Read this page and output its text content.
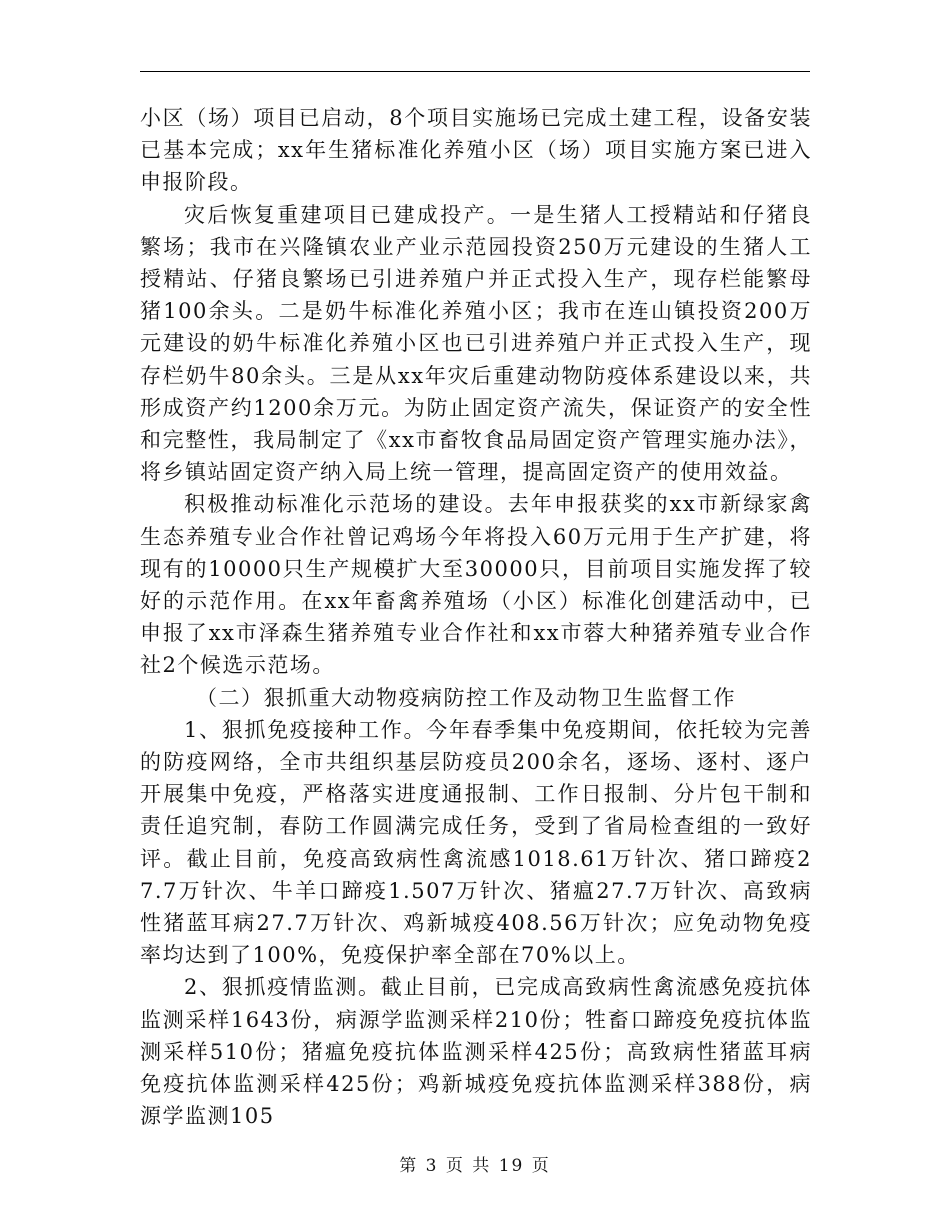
小区（场）项目已启动，8个项目实施场已完成土建工程，设备安装已基本完成；xx年生猪标准化养殖小区（场）项目实施方案已进入申报阶段。

灾后恢复重建项目已建成投产。一是生猪人工授精站和仔猪良繁场；我市在兴隆镇农业产业示范园投资250万元建设的生猪人工授精站、仔猪良繁场已引进养殖户并正式投入生产，现存栏能繁母猪100余头。二是奶牛标准化养殖小区；我市在连山镇投资200万元建设的奶牛标准化养殖小区也已引进养殖户并正式投入生产，现存栏奶牛80余头。三是从xx年灾后重建动物防疫体系建设以来，共形成资产约1200余万元。为防止固定资产流失，保证资产的安全性和完整性，我局制定了《xx市畜牧食品局固定资产管理实施办法》，将乡镇站固定资产纳入局上统一管理，提高固定资产的使用效益。

积极推动标准化示范场的建设。去年申报获奖的xx市新绿家禽生态养殖专业合作社曾记鸡场今年将投入60万元用于生产扩建，将现有的10000只生产规模扩大至30000只，目前项目实施发挥了较好的示范作用。在xx年畜禽养殖场（小区）标准化创建活动中，已申报了xx市泽森生猪养殖专业合作社和xx市蓉大种猪养殖专业合作社2个候选示范场。

（二）狠抓重大动物疫病防控工作及动物卫生监督工作

1、狠抓免疫接种工作。今年春季集中免疫期间，依托较为完善的防疫网络，全市共组织基层防疫员200余名，逐场、逐村、逐户开展集中免疫，严格落实进度通报制、工作日报制、分片包干制和责任追究制，春防工作圆满完成任务，受到了省局检查组的一致好评。截止目前，免疫高致病性禽流感1018.61万针次、猪口蹄疫27.7万针次、牛羊口蹄疫1.507万针次、猪瘟27.7万针次、高致病性猪蓝耳病27.7万针次、鸡新城疫408.56万针次；应免动物免疫率均达到了100%，免疫保护率全部在70%以上。

2、狠抓疫情监测。截止目前，已完成高致病性禽流感免疫抗体监测采样1643份，病源学监测采样210份；牲畜口蹄疫免疫抗体监测采样510份；猪瘟免疫抗体监测采样425份；高致病性猪蓝耳病免疫抗体监测采样425份；鸡新城疫免疫抗体监测采样388份，病源学监测105

第 3 页 共 19 页
